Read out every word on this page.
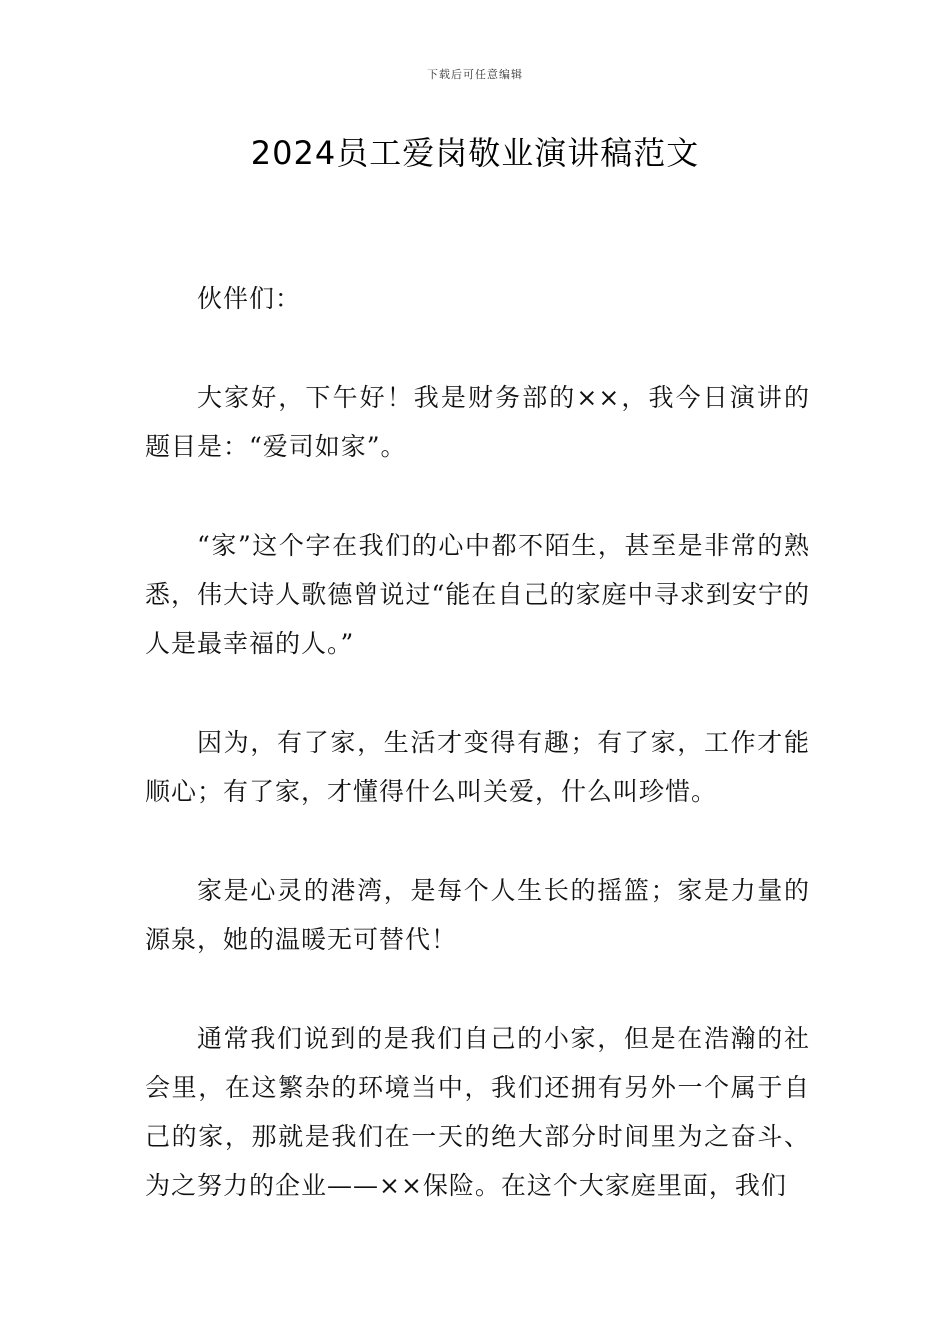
下载后可任意编辑
2024员工爱岗敬业演讲稿范文

伙伴们：

大家好，下午好！我是财务部的××，我今日演讲的题目是：“爱司如家”。

“家”这个字在我们的心中都不陌生，甚至是非常的熟悉，伟大诗人歌德曾说过“能在自己的家庭中寻求到安宁的人是最幸福的人。”

因为，有了家，生活才变得有趣；有了家，工作才能顺心；有了家，才懂得什么叫关爱，什么叫珍惜。

家是心灵的港湾，是每个人生长的摇篮；家是力量的源泉，她的温暖无可替代！

通常我们说到的是我们自己的小家，但是在浩瀚的社会里，在这繁杂的环境当中，我们还拥有另外一个属于自己的家，那就是我们在一天的绝大部分时间里为之奋斗、为之努力的企业——××保险。在这个大家庭里面，我们
